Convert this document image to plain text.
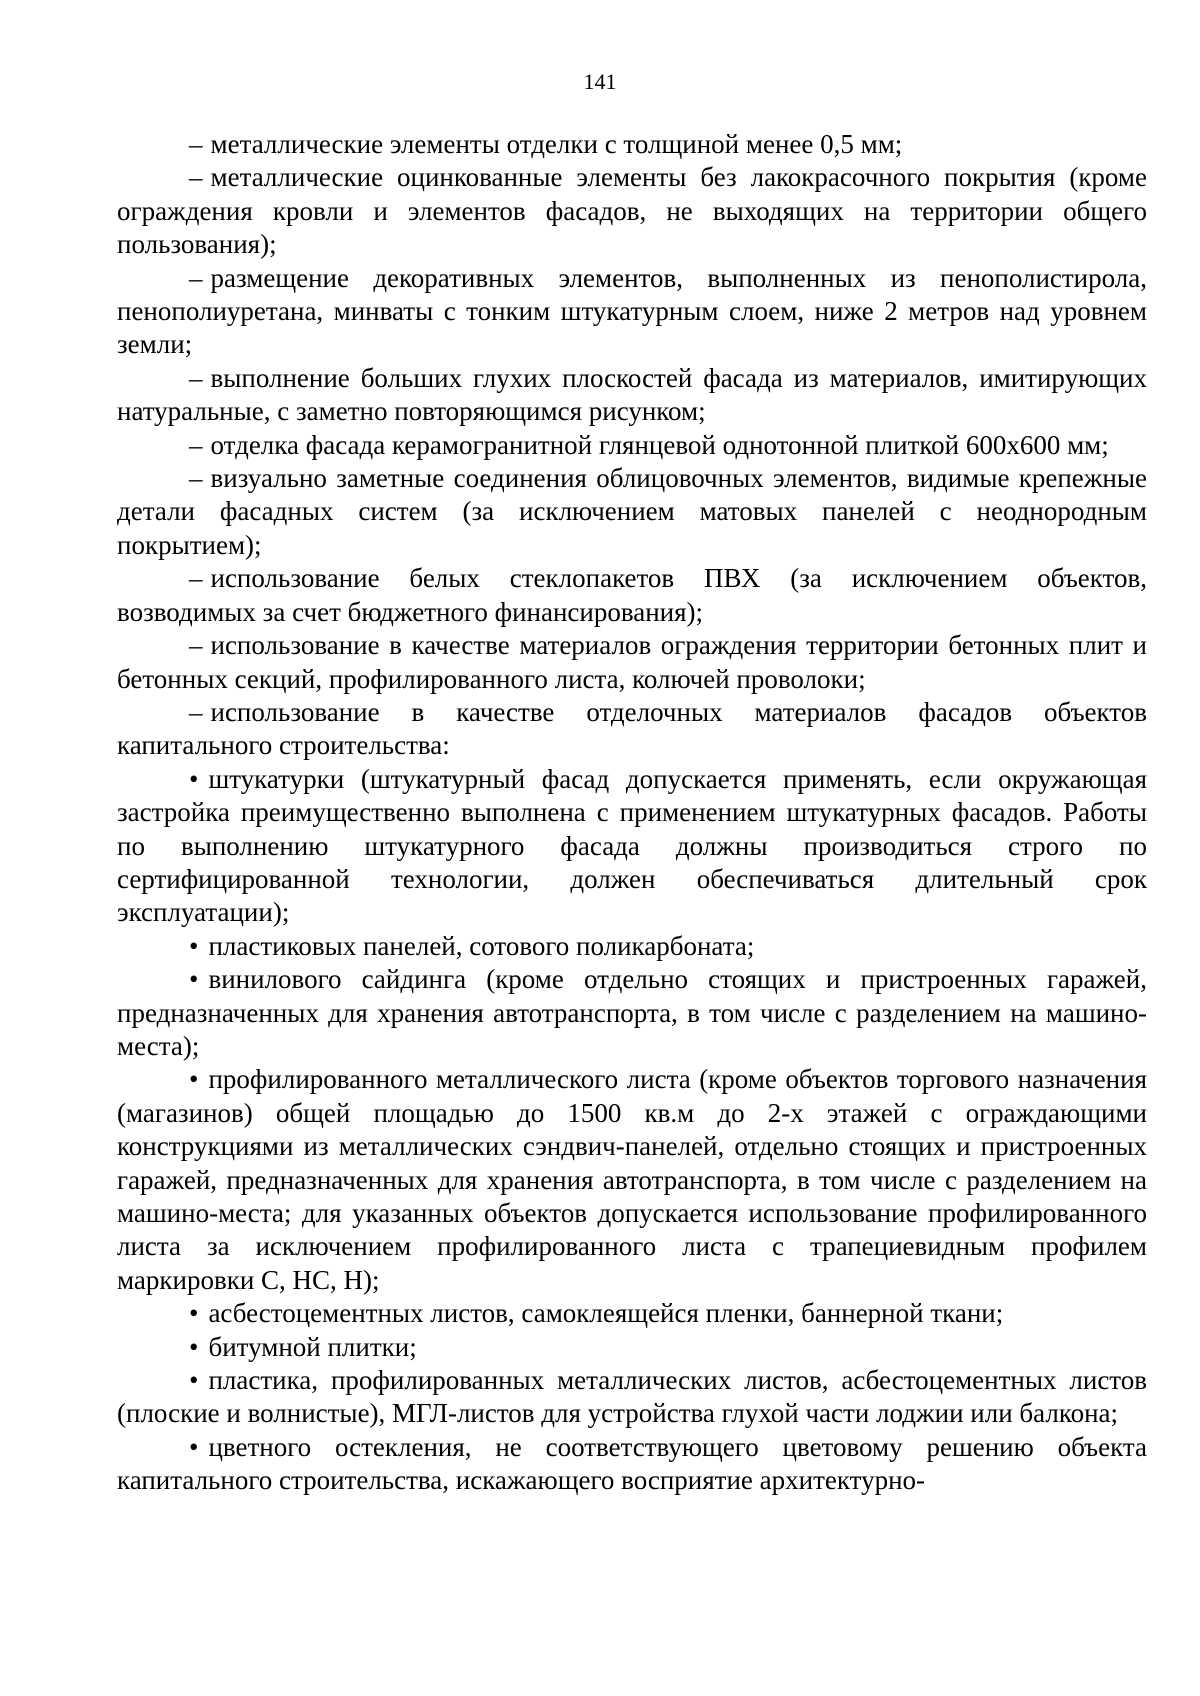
141

– металлические элементы отделки с толщиной менее 0,5 мм;

– металлические оцинкованные элементы без лакокрасочного покрытия (кроме ограждения кровли и элементов фасадов, не выходящих на территории общего пользования);

– размещение декоративных элементов, выполненных из пенополистирола, пенополиуретана, минваты с тонким штукатурным слоем, ниже 2 метров над уровнем земли;

– выполнение больших глухих плоскостей фасада из материалов, имитирующих натуральные, с заметно повторяющимся рисунком;

– отделка фасада керамогранитной глянцевой однотонной плиткой 600х600 мм;

– визуально заметные соединения облицовочных элементов, видимые крепежные детали фасадных систем (за исключением матовых панелей с неоднородным покрытием);

– использование белых стеклопакетов ПВХ (за исключением объектов, возводимых за счет бюджетного финансирования);

– использование в качестве материалов ограждения территории бетонных плит и бетонных секций, профилированного листа, колючей проволоки;

– использование в качестве отделочных материалов фасадов объектов капитального строительства:

• штукатурки (штукатурный фасад допускается применять, если окружающая застройка преимущественно выполнена с применением штукатурных фасадов. Работы по выполнению штукатурного фасада должны производиться строго по сертифицированной технологии, должен обеспечиваться длительный срок эксплуатации);

• пластиковых панелей, сотового поликарбоната;

• винилового сайдинга (кроме отдельно стоящих и пристроенных гаражей, предназначенных для хранения автотранспорта, в том числе с разделением на машино-места);

• профилированного металлического листа (кроме объектов торгового назначения (магазинов) общей площадью до 1500 кв.м до 2-х этажей с ограждающими конструкциями из металлических сэндвич-панелей, отдельно стоящих и пристроенных гаражей, предназначенных для хранения автотранспорта, в том числе с разделением на машино-места; для указанных объектов допускается использование профилированного листа за исключением профилированного листа с трапециевидным профилем маркировки С, НС, Н);

• асбестоцементных листов, самоклеящейся пленки, баннерной ткани;

• битумной плитки;

• пластика, профилированных металлических листов, асбестоцементных листов (плоские и волнистые), МГЛ-листов для устройства глухой части лоджии или балкона;

• цветного остекления, не соответствующего цветовому решению объекта капитального строительства, искажающего восприятие архитектурно-
